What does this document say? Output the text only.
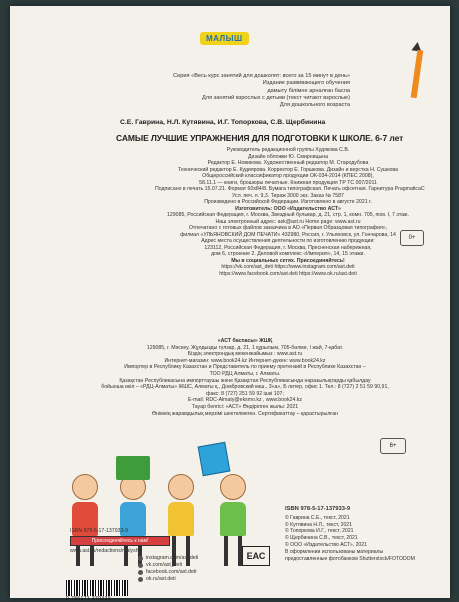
МАЛЫШ
Серия «Весь курс занятий для дошколят: всего за 15 минут в день»
Издание развивающего обучения
дамыту білімне арналған басла
Для занятий взрослых с детьми (текст читают взрослые)
Для дошкольного возраста
С.Е. Гаврина, Н.Л. Кутявина, И.Г. Топоркова, С.В. Щербинина
САМЫЕ ЛУЧШИЕ УПРАЖНЕНИЯ ДЛЯ ПОДГОТОВКИ К ШКОЛЕ. 6-7 лет
Руководитель редакционной группы Худякова С.В.
Дизайн обложки Ю. Смирницына
Редактор Е. Новикова. Художественный редактор М. Стародубова
Технический редактор Е. Кудиярова. Корректор Е. Горшкова. Дизайн и верстка Н. Сушкова
Общероссийский классификатор продукции ОК-034-2014 (КПЕС 2008),
58.11.1 — книги, брошюры печатные. Книжная продукция ТР ТС 007/2011
Подписано в печать 15.07.21. Формат 60х84/8. Бумага типографская. Печать офсетная. Гарнитура PragmaticaC
Усл. печ. л. 9,3. Тираж 3000 экз. Заказ № 7587
Произведено в Российской Федерации. Изготовлено в августе 2021 г.
Изготовитель: ООО «Издательство АСТ»
129085, Российская Федерация, г. Москва, Звездный бульвар, д. 21, стр. 1, комн. 705, пом. I, 7 этаж.
Наш электронный адрес: ask@ast.ru Home page: www.ast.ru
Отпечатано с готовых файлов заказчика в АО «Первая Образцовая типография»,
филиал «УЛЬЯНОВСКИЙ ДОМ ПЕЧАТИ» 432980, Россия, г. Ульяновск, ул. Гончарова, 14
Адрес места осуществления деятельности по изготовлению продукции:
123112, Российская Федерация, г. Москва, Пресненская набережная,
дом 6, строение 2. Деловой комплекс «Империя», 14, 15 этажи.
Мы в социальных сетях. Присоединяйтесь!
https://vk.com/ast_deti https://www.instagram.com/ast.deti
https://www.facebook.com/ast.deti https://www.ok.ru/ast.deti
0+
«АСТ баспасы» ЖШҚ
129085, г. Мәскеу, Жұлдызды гүлзар, д. 21, 1 құрылым, 705-бөлме, I жай, 7-қабат.
Біздің электрондық мекенжайымыз : www.ast.ru
Интернет-магазин: www.book24.kz Интернет-дүкен: www.book24.kz
Импортер в Республику Казахстан и Представитель по приему претензий в Республике Казахстан –
ТОО РДЦ Алматы, г. Алматы.
Қазақстан Республикасына импорттаушы және Қазақстан Республикасында наразылықтарды қабылдау
бойынша өкіл – «РДЦ-Алматы» ЖШС, Алматы қ., Домбровский көш., 3«а», Б литер, офис 1. Тел.: 8 (727) 2 51 59 90,91,
факс: 8 (727) 251 59 92 ішкі 107;
E-mail: RDC-Almaty@eksmo.kz , www.book24.kz
Тауар белгісі: «АСТ» Өндірілген жылы: 2021
Өнімнің жарамдылық мерзімі шектелмеген. Сертификаттау – қарастырылған
6+
ISBN 978-5-17-137933-9
Присоединяйтесь к нам!
www.ast.ru/redactions/malysh
instagram.com/ast.deti
vk.com/ast_deti
facebook.com/ast.deti
ok.ru/ast.deti
9 785171 379339
ЕАС
ISBN 978-5-17-137933-9
© Гаврина С.Е., текст, 2021
© Кутявина Н.Л., текст, 2021
© Топоркова И.Г., текст, 2021
© Щербинина С.В., текст, 2021
© ООО «Издательство АСТ», 2021
В оформлении использованы материалы
предоставленные фотобанком Shutterstock/FOTODOM
